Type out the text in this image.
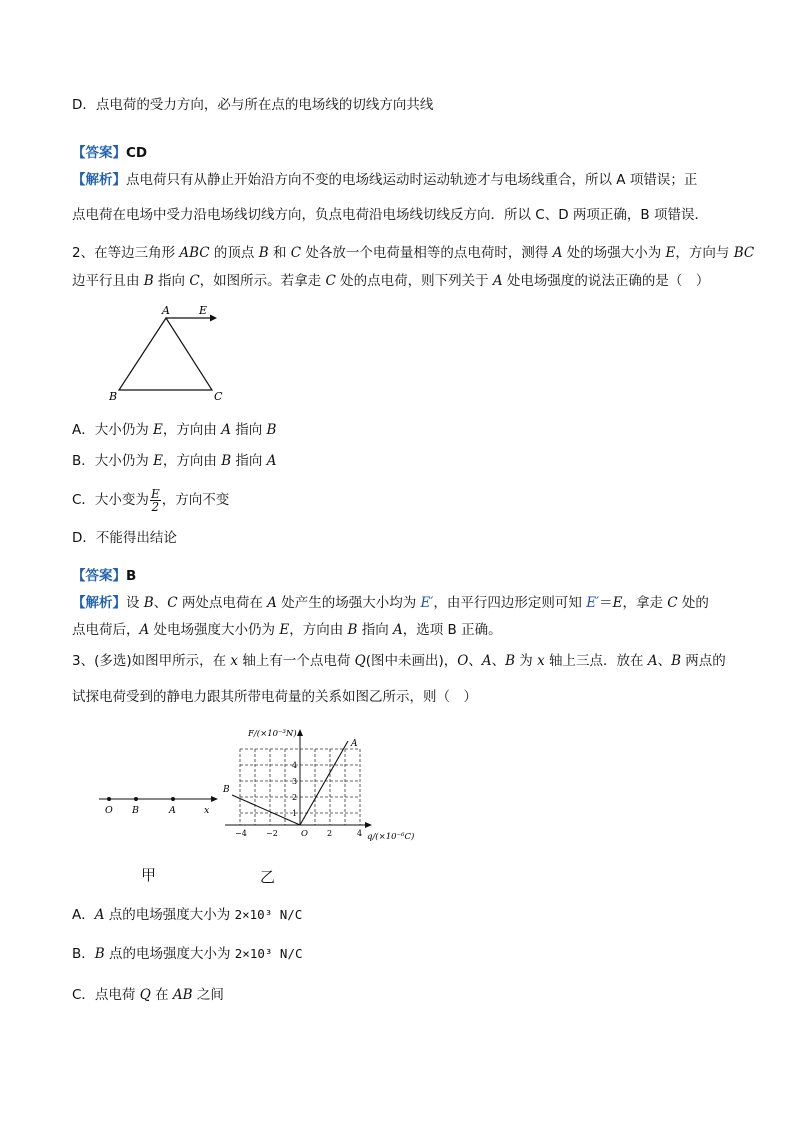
D．点电荷的受力方向，必与所在点的电场线的切线方向共线
【答案】CD
【解析】点电荷只有从静止开始沿方向不变的电场线运动时运动轨迹才与电场线重合，所以 A 项错误；正
点电荷在电场中受力沿电场线切线方向，负点电荷沿电场线切线反方向．所以 C、D 两项正确，B 项错误．
2、在等边三角形 ABC 的顶点 B 和 C 处各放一个电荷量相等的点电荷时，测得 A 处的场强大小为 E，方向与 BC
边平行且由 B 指向 C，如图所示。若拿走 C 处的点电荷，则下列关于 A 处电场强度的说法正确的是（　）
A	E
B	C
A．大小仍为 E，方向由 A 指向 B
B．大小仍为 E，方向由 B 指向 A
C．大小变为 $\frac{E}{2}$ ，方向不变
D．不能得出结论
【答案】B
【解析】设 B、C 两处点电荷在 A 处产生的场强大小均为 E′，由平行四边形定则可知 E′＝E，拿走 C 处的
点电荷后，A 处电场强度大小仍为 E，方向由 B 指向 A，选项 B 正确。
3、(多选)如图甲所示，在 x 轴上有一个点电荷 Q(图中未画出)，O、A、B 为 x 轴上三点．放在 A、B 两点的
试探电荷受到的静电力跟其所带电荷量的关系如图乙所示，则（　）
O B	A	x
甲
F/(×10⁻³N)
q/(×10⁻⁶C)
A
B
1
2
3
4
−4 −2	O 2	4
乙
A．A 点的电场强度大小为 2×10³ N/C
B．B 点的电场强度大小为 2×10³ N/C
C．点电荷 Q 在 AB 之间
